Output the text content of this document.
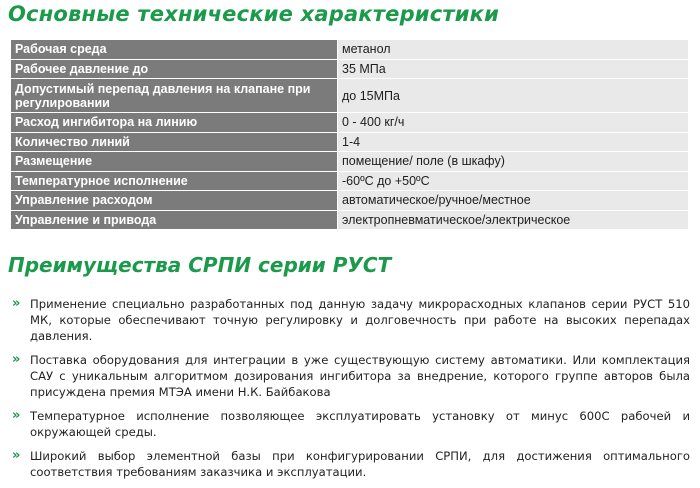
Основные технические характеристики
Рабочая среда	метанол
Рабочее давление до	35 МПа
Допустимый перепад давления на клапане при регулировании	до 15МПа
Расход ингибитора на линию	0 - 400 кг/ч
Количество линий	1-4
Размещение	помещение/ поле (в шкафу)
Температурное исполнение	-60ºС до +50ºС
Управление расходом	автоматическое/ручное/местное
Управление и привода	электропневматическое/электрическое
Преимущества СРПИ серии РУСТ
» Применение специально разработанных под данную задачу микрорасходных клапанов серии РУСТ 510 МК, которые обеспечивают точную регулировку и долговечность при работе на высоких перепадах давления.
» Поставка оборудования для интеграции в уже существующую систему автоматики. Или комплектация САУ с уникальным алгоритмом дозирования ингибитора за внедрение, которого группе авторов была присуждена премия МТЭА имени Н.К. Байбакова
» Температурное исполнение позволяющее эксплуатировать установку от минус 600С рабочей и окружающей среды.
» Широкий выбор элементной базы при конфигурировании СРПИ, для достижения оптимального соответствия требованиям заказчика и эксплуатации.
